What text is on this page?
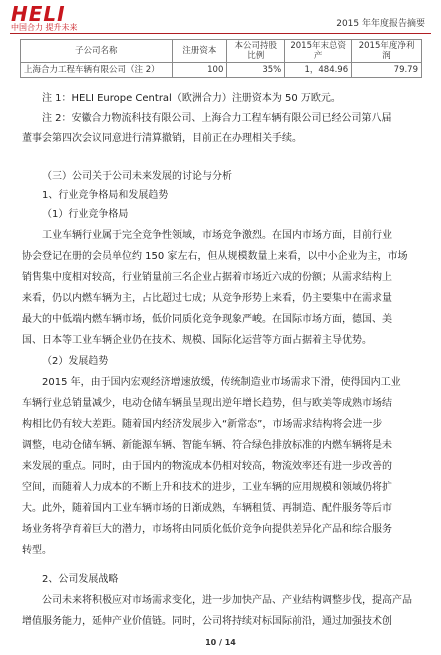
HELI
中国合力 提升未来	2015 年年度报告摘要
子公司名称	注册资本	本公司持股比例	2015年末总资产	2015年度净利润
上海合力工程车辆有限公司（注 2）	100	35%	1，484.96	79.79

注 1：HELI Europe Central（欧洲合力）注册资本为 50 万欧元。

注 2：安徽合力物流科技有限公司、上海合力工程车辆有限公司已经公司第八届

董事会第四次会议同意进行清算撤销，目前正在办理相关手续。

（三）公司关于公司未来发展的讨论与分析

1、行业竞争格局和发展趋势

（1）行业竞争格局

工业车辆行业属于完全竞争性领域，市场竞争激烈。在国内市场方面，目前行业

协会登记在册的会员单位约 150 家左右，但从规模数量上来看，以中小企业为主，市场

销售集中度相对较高，行业销量前三名企业占据着市场近六成的份额；从需求结构上

来看，仍以内燃车辆为主，占比超过七成；从竞争形势上来看，仍主要集中在需求量

最大的中低端内燃车辆市场，低价同质化竞争现象严峻。在国际市场方面，德国、美

国、日本等工业车辆企业仍在技术、规模、国际化运营等方面占据着主导优势。

（2）发展趋势

2015 年，由于国内宏观经济增速放缓，传统制造业市场需求下滑，使得国内工业

车辆行业总销量减少，电动仓储车辆虽呈现出逆年增长趋势，但与欧美等成熟市场结

构相比仍有较大差距。随着国内经济发展步入“新常态”，市场需求结构将会进一步

调整，电动仓储车辆、新能源车辆、智能车辆、符合绿色排放标准的内燃车辆将是未

来发展的重点。同时，由于国内的物流成本仍相对较高，物流效率还有进一步改善的

空间，而随着人力成本的不断上升和技术的进步，工业车辆的应用规模和领域仍将扩

大。此外，随着国内工业车辆市场的日渐成熟，车辆租赁、再制造、配件服务等后市

场业务将孕育着巨大的潜力，市场将由同质化低价竞争向提供差异化产品和综合服务

转型。

2、公司发展战略

公司未来将积极应对市场需求变化，进一步加快产品、产业结构调整步伐，提高产品

增值服务能力，延伸产业价值链。同时，公司将持续对标国际前沿，通过加强技术创

10 / 14
